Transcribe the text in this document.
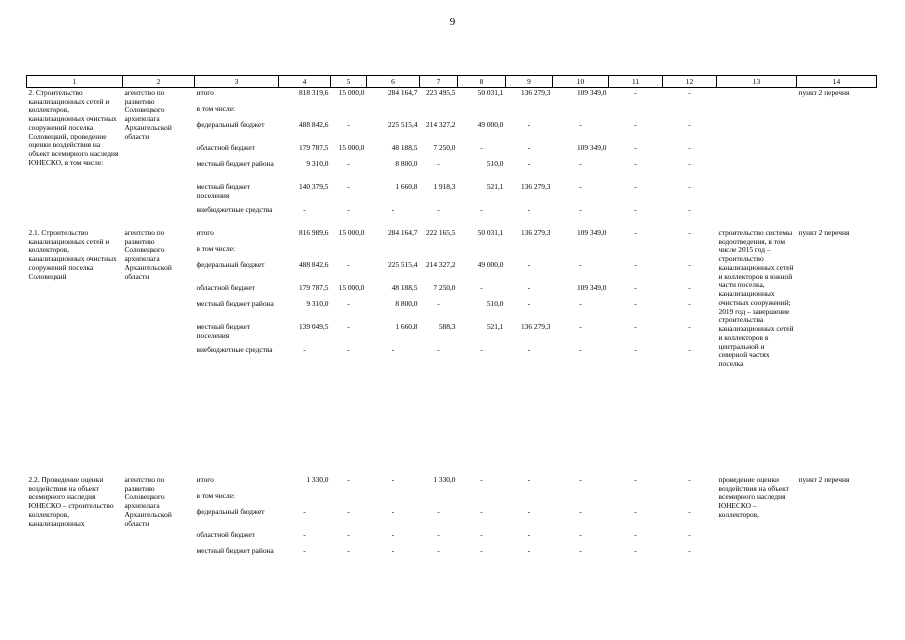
9
1	2	3	4	5	6	7	8	9	10	11	12	13	14
2. Строительство канализационных сетей и коллекторов, канализационных очистных сооружений поселка Соловецкий, проведение оценки воздействия на объект всемирного наследия ЮНЕСКО, в том числе:	агентство по развитию Соловецкого архипелага Архангельской области	итого	818 319,6	15 000,0	284 164,7	223 495,5	50 031,1	136 279,3	109 349,0	-	-		пункт 2 перечня
		в том числе:											
		федеральный бюджет	488 842,6	-	225 515,4	214 327,2	49 000,0	-	-	-	-		
		областной бюджет	179 787,5	15 000,0	48 188,5	7 250,0	-	-	109 349,0	-	-		
		местный бюджет района	9 310,0	-	8 800,0	-	510,0	-	-	-	-		
		местный бюджет поселения	140 379,5	-	1 660,8	1 918,3	521,1	136 279,3	-	-	-		
		внебюджетные средства	-	-	-	-	-	-	-	-	-		
2.1. Строительство канализационных сетей и коллекторов, канализационных очистных сооружений поселка Соловецкий	агентство по развитию Соловецкого архипелага Архангельской области	итого	816 989,6	15 000,0	284 164,7	222 165,5	50 031,1	136 279,3	109 349,0	-	-	строительство системы водоотведения, в том числе 2015 год – строительство канализационных сетей и коллекторов в южной части поселка, канализационных очистных сооружений; 2019 год – завершение строительства канализационных сетей и коллекторов в центральной и северной частях поселка	пункт 2 перечня
		в том числе:											
		федеральный бюджет	488 842,6	-	225 515,4	214 327,2	49 000,0	-	-	-	-		
		областной бюджет	179 787,5	15 000,0	48 188,5	7 250,0	-	-	109 349,0	-	-		
		местный бюджет района	9 310,0	-	8 800,0	-	510,0	-	-	-	-		
		местный бюджет поселения	139 049,5	-	1 660,8	588,3	521,1	136 279,3	-	-	-		
		внебюджетные средства	-	-	-	-	-	-	-	-	-		
2.2. Проведение оценки воздействия на объект всемирного наследия ЮНЕСКО – строительство коллекторов, канализационных	агентство по развитию Соловецкого архипелага Архангельской области	итого	1 330,0	-	-	1 330,0	-	-	-	-	-	проведение оценки воздействия на объект всемирного наследия ЮНЕСКО – коллекторов,	пункт 2 перечня
		в том числе:											
		федеральный бюджет	-	-	-	-	-	-	-	-	-		
		областной бюджет	-	-	-	-	-	-	-	-	-		
		местный бюджет района	-	-	-	-	-	-	-	-	-		
